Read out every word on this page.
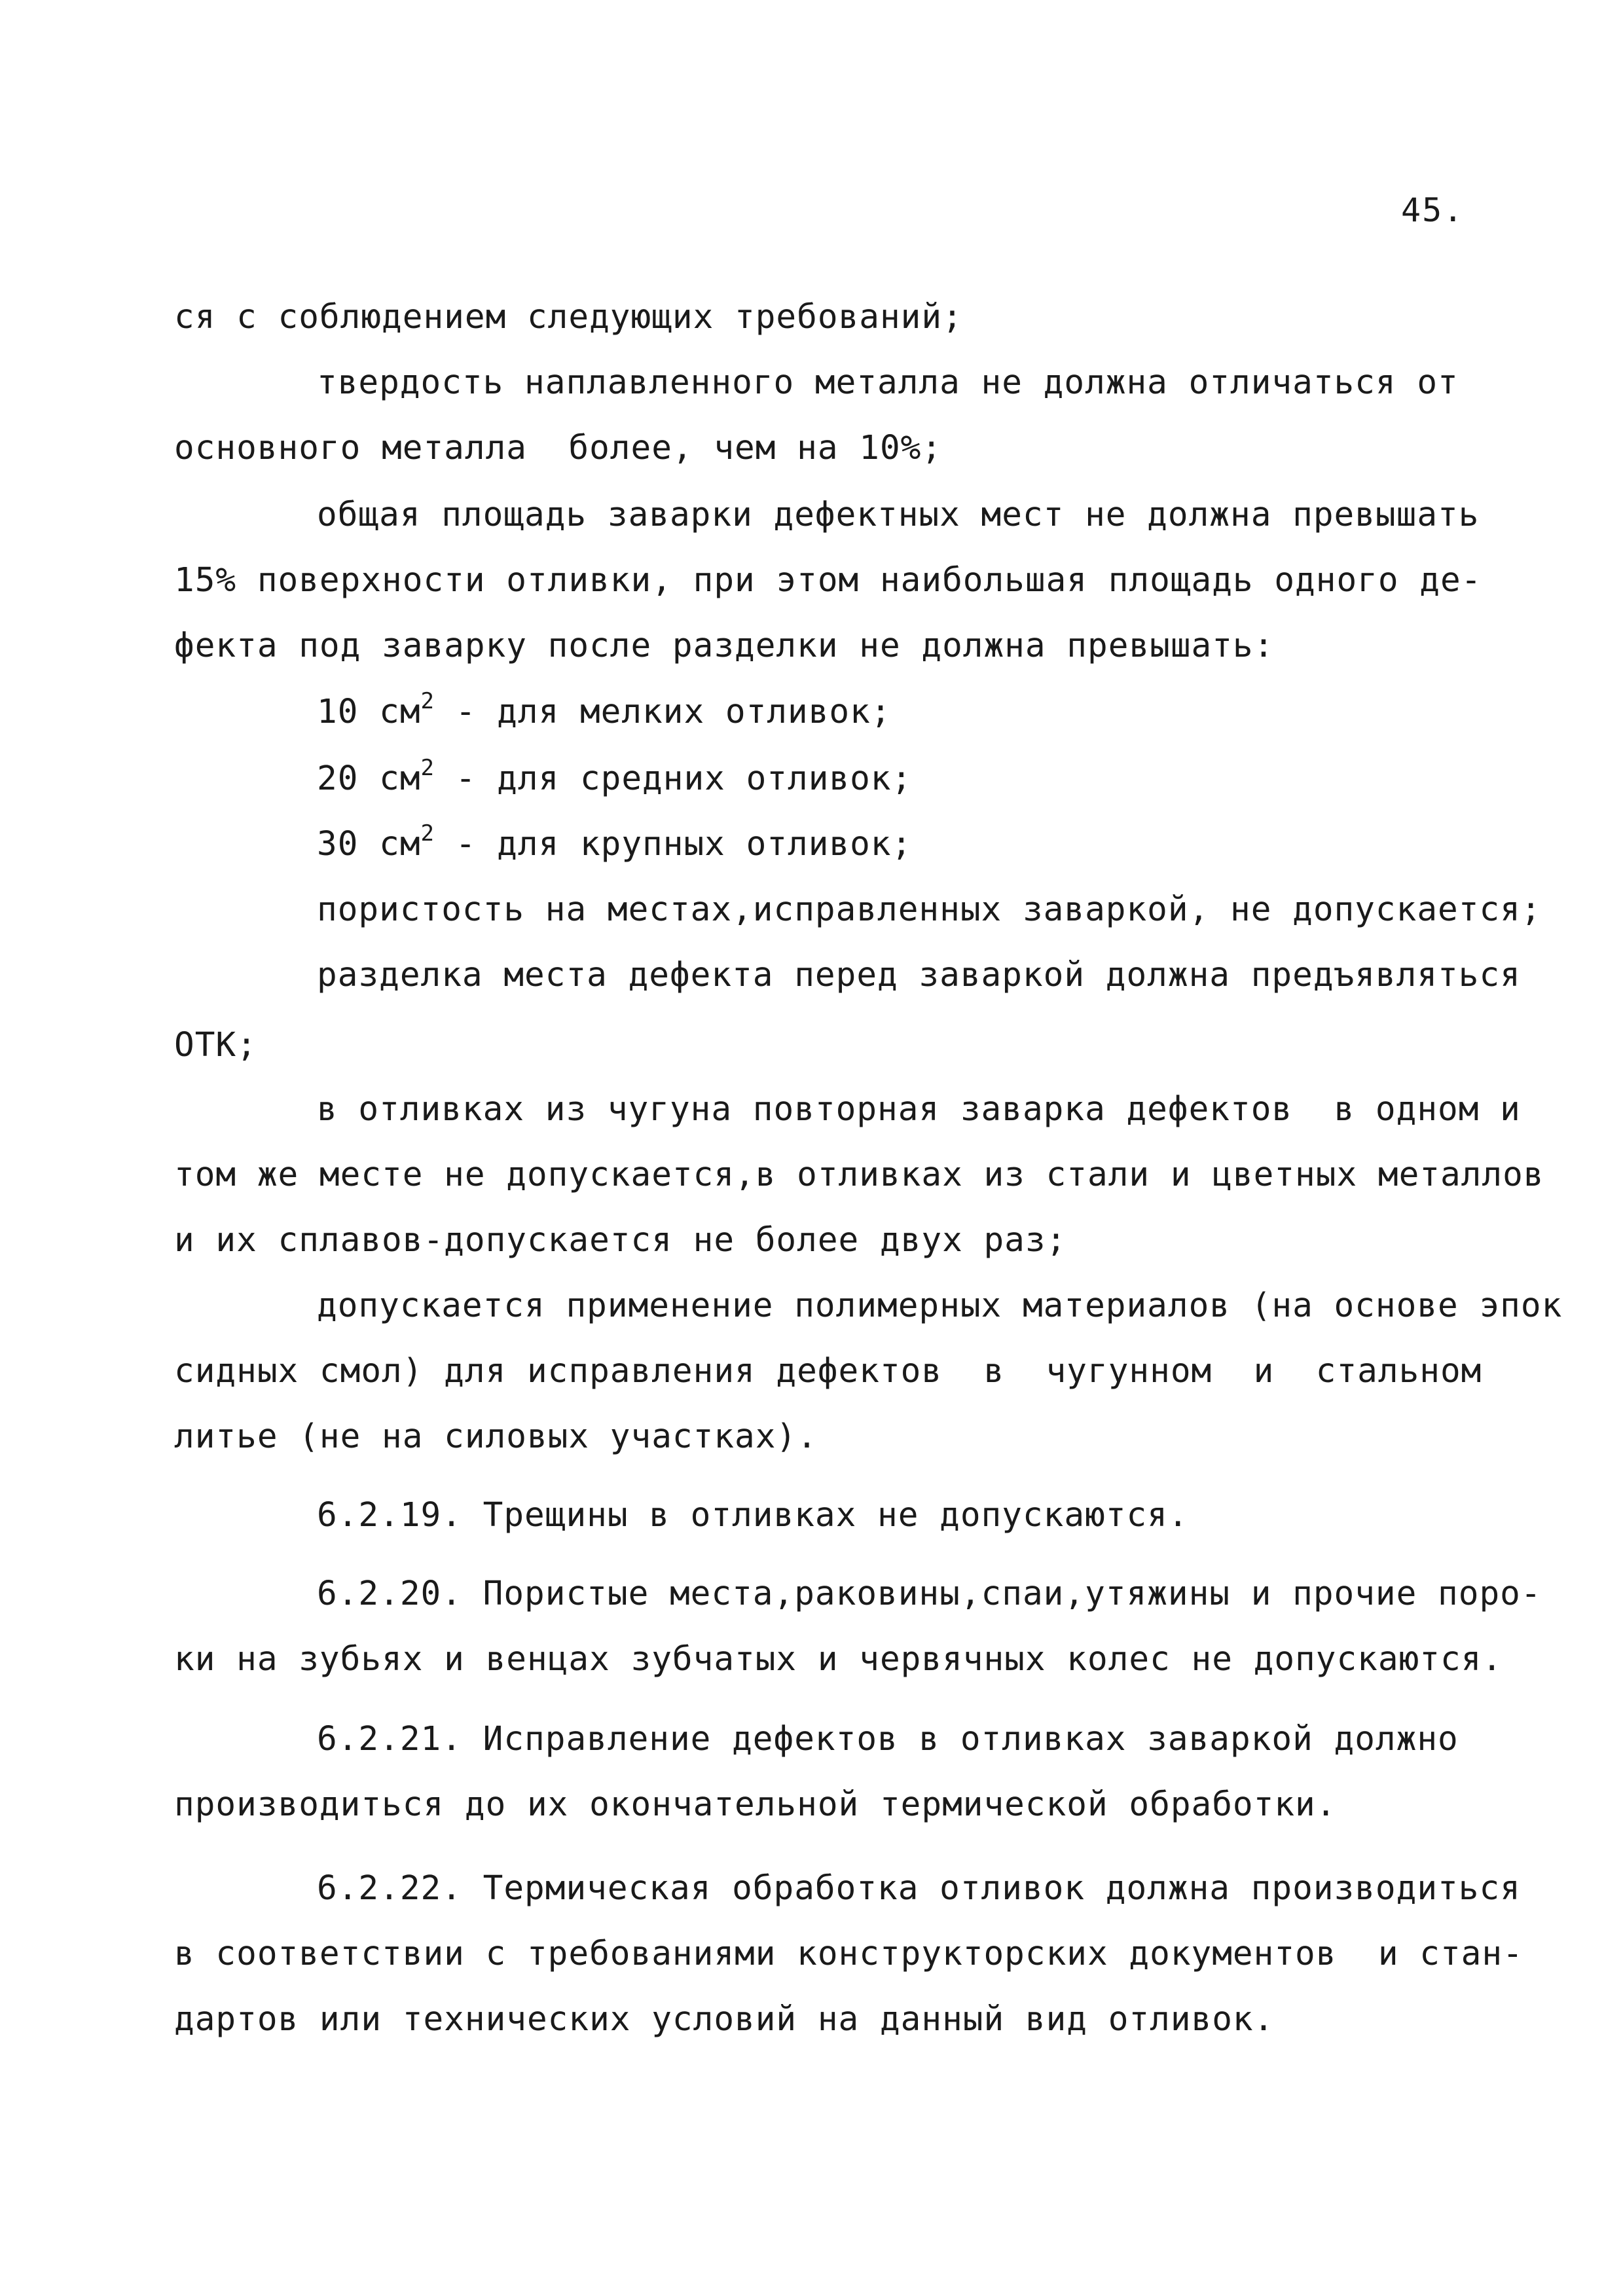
45.
ся с соблюдением следующих требований;
твердость наплавленного металла не должна отличаться от
основного металла  более, чем на 10%;
общая площадь заварки дефектных мест не должна превышать
15% поверхности отливки, при этом наибольшая площадь одного де-
фекта под заварку после разделки не должна превышать:
10 $см^2$ - для мелких отливок;
20 $см^2$ - для средних отливок;
30 $см^2$ - для крупных отливок;
пористость на местах,исправленных заваркой, не допускается;
разделка места дефекта перед заваркой должна предъявляться
ОТК;
в отливках из чугуна повторная заварка дефектов  в одном и
том же месте не допускается,в отливках из стали и цветных металлов
и их сплавов-допускается не более двух раз;
допускается применение полимерных материалов (на основе эпок
сидных смол) для исправления дефектов  в  чугунном  и  стальном
литье (не на силовых участках).
6.2.19. Трещины в отливках не допускаются.
6.2.20. Пористые места,раковины,спаи,утяжины и прочие поро-
ки на зубьях и венцах зубчатых и червячных колес не допускаются.
6.2.21. Исправление дефектов в отливках заваркой должно
производиться до их окончательной термической обработки.
6.2.22. Термическая обработка отливок должна производиться
в соответствии с требованиями конструкторских документов  и стан-
дартов или технических условий на данный вид отливок.
